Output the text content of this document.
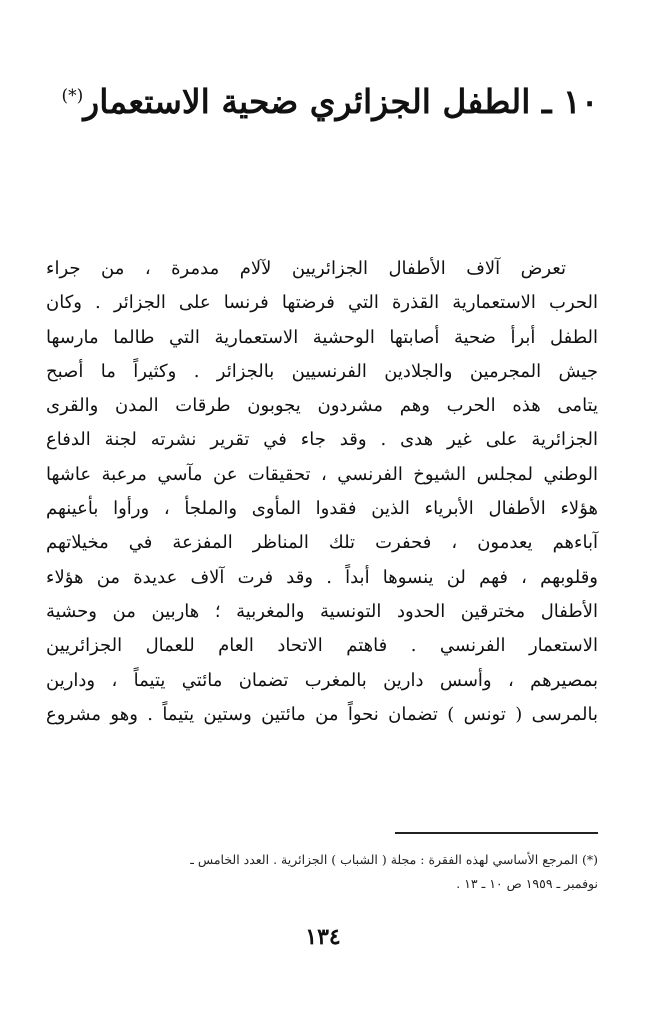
١٠ ـ الطفل الجزائري ضحية الاستعمار(*)
تعرض آلاف الأطفال الجزائريين لآلام مدمرة ، من جراء
الحرب الاستعمارية القذرة التي فرضتها فرنسا على الجزائر . وكان
الطفل أبرأ ضحية أصابتها الوحشية الاستعمارية التي طالما مارسها
جيش المجرمين والجلادين الفرنسيين بالجزائر . وكثيراً ما أصبح
يتامى هذه الحرب وهم مشردون يجوبون طرقات المدن والقرى
الجزائرية على غير هدى . وقد جاء في تقرير نشرته لجنة الدفاع
الوطني لمجلس الشيوخ الفرنسي ، تحقيقات عن مآسي مرعبة عاشها
هؤلاء الأطفال الأبرياء الذين فقدوا المأوى والملجأ ، ورأوا بأعينهم
آباءهم يعدمون ، فحفرت تلك المناظر المفزعة في مخيلاتهم
وقلوبهم ، فهم لن ينسوها أبداً . وقد فرت آلاف عديدة من هؤلاء
الأطفال مخترقين الحدود التونسية والمغربية ؛ هاربين من وحشية
الاستعمار الفرنسي . فاهتم الاتحاد العام للعمال الجزائريين
بمصيرهم ، وأسس دارين بالمغرب تضمان مائتي يتيماً ، ودارين
بالمرسى ( تونس ) تضمان نحواً من مائتين وستين يتيماً . وهو مشروع
(*) المرجع الأساسي لهذه الفقرة : مجلة ( الشباب ) الجزائرية . العدد الخامس ـ
نوفمبر ـ ١٩٥٩ ص ١٠ ـ ١٣ .
١٣٤
